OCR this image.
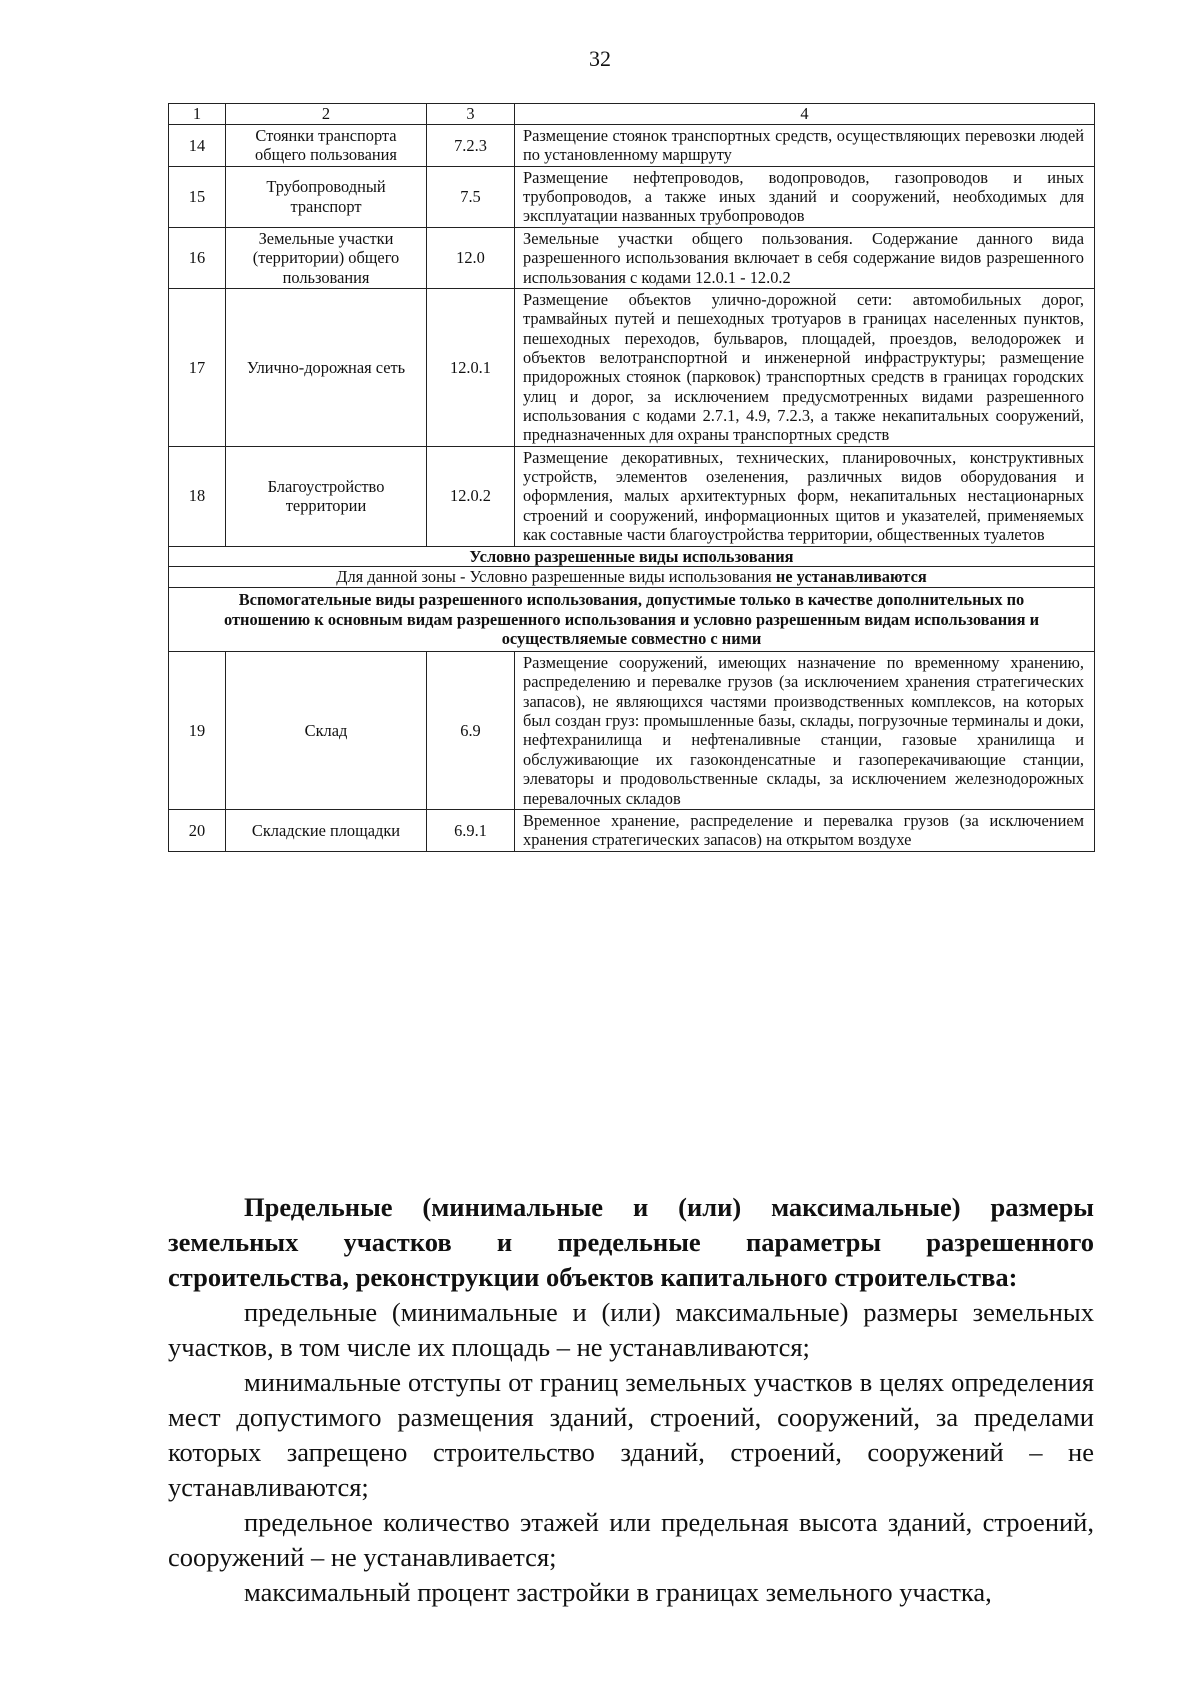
32
1	2	3	4
14	Стоянки транспорта общего пользования	7.2.3	Размещение стоянок транспортных средств, осуществляющих перевозки людей по установленному маршруту
15	Трубопроводный транспорт	7.5	Размещение нефтепроводов, водопроводов, газопроводов и иных трубопроводов, а также иных зданий и сооружений, необходимых для эксплуатации названных трубопроводов
16	Земельные участки (территории) общего пользования	12.0	Земельные участки общего пользования. Содержание данного вида разрешенного использования включает в себя содержание видов разрешенного использования с кодами 12.0.1 - 12.0.2
17	Улично-дорожная сеть	12.0.1	Размещение объектов улично-дорожной сети: автомобильных дорог, трамвайных путей и пешеходных тротуаров в границах населенных пунктов, пешеходных переходов, бульваров, площадей, проездов, велодорожек и объектов велотранспортной и инженерной инфраструктуры; размещение придорожных стоянок (парковок) транспортных средств в границах городских улиц и дорог, за исключением предусмотренных видами разрешенного использования с кодами 2.7.1, 4.9, 7.2.3, а также некапитальных сооружений, предназначенных для охраны транспортных средств
18	Благоустройство территории	12.0.2	Размещение декоративных, технических, планировочных, конструктивных устройств, элементов озеленения, различных видов оборудования и оформления, малых архитектурных форм, некапитальных нестационарных строений и сооружений, информационных щитов и указателей, применяемых как составные части благоустройства территории, общественных туалетов
Условно разрешенные виды использования			
Для данной зоны - Условно разрешенные виды использования не устанавливаются			
Вспомогательные виды разрешенного использования, допустимые только в качестве дополнительных по отношению к основным видам разрешенного использования и условно разрешенным видам использования и осуществляемые совместно с ними			
19	Склад	6.9	Размещение сооружений, имеющих назначение по временному хранению, распределению и перевалке грузов (за исключением хранения стратегических запасов), не являющихся частями производственных комплексов, на которых был создан груз: промышленные базы, склады, погрузочные терминалы и доки, нефтехранилища и нефтеналивные станции, газовые хранилища и обслуживающие их газоконденсатные и газоперекачивающие станции, элеваторы и продовольственные склады, за исключением железнодорожных перевалочных складов
20	Складские площадки	6.9.1	Временное хранение, распределение и перевалка грузов (за исключением хранения стратегических запасов) на открытом воздухе

Предельные (минимальные и (или) максимальные) размеры

земельных участков и предельные параметры разрешенного

строительства, реконструкции объектов капитального строительства:

предельные (минимальные и (или) максимальные) размеры земельных участков, в том числе их площадь – не устанавливаются;

минимальные отступы от границ земельных участков в целях определения мест допустимого размещения зданий, строений, сооружений, за пределами которых запрещено строительство зданий, строений, сооружений – не устанавливаются;

предельное количество этажей или предельная высота зданий, строений, сооружений – не устанавливается;

максимальный процент застройки в границах земельного участка,
